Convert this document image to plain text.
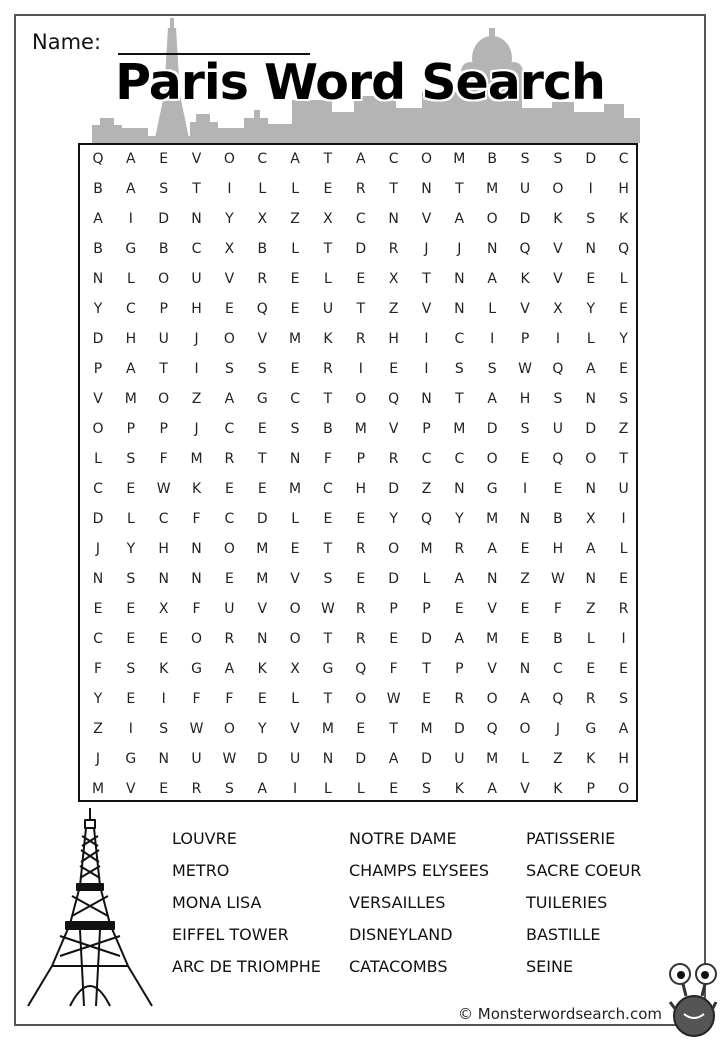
Name:
Paris Word Search
Q	A	E	V	O	C	A	T	A	C	O	M	B	S	S	D	C
B	A	S	T	I	L	L	E	R	T	N	T	M	U	O	I	H
A	I	D	N	Y	X	Z	X	C	N	V	A	O	D	K	S	K
B	G	B	C	X	B	L	T	D	R	J	J	N	Q	V	N	Q
N	L	O	U	V	R	E	L	E	X	T	N	A	K	V	E	L
Y	C	P	H	E	Q	E	U	T	Z	V	N	L	V	X	Y	E
D	H	U	J	O	V	M	K	R	H	I	C	I	P	I	L	Y
P	A	T	I	S	S	E	R	I	E	I	S	S	W	Q	A	E
V	M	O	Z	A	G	C	T	O	Q	N	T	A	H	S	N	S
O	P	P	J	C	E	S	B	M	V	P	M	D	S	U	D	Z
L	S	F	M	R	T	N	F	P	R	C	C	O	E	Q	O	T
C	E	W	K	E	E	M	C	H	D	Z	N	G	I	E	N	U
D	L	C	F	C	D	L	E	E	Y	Q	Y	M	N	B	X	I
J	Y	H	N	O	M	E	T	R	O	M	R	A	E	H	A	L
N	S	N	N	E	M	V	S	E	D	L	A	N	Z	W	N	E
E	E	X	F	U	V	O	W	R	P	P	E	V	E	F	Z	R
C	E	E	O	R	N	O	T	R	E	D	A	M	E	B	L	I
F	S	K	G	A	K	X	G	Q	F	T	P	V	N	C	E	E
Y	E	I	F	F	E	L	T	O	W	E	R	O	A	Q	R	S
Z	I	S	W	O	Y	V	M	E	T	M	D	Q	O	J	G	A
J	G	N	U	W	D	U	N	D	A	D	U	M	L	Z	K	H
M	V	E	R	S	A	I	L	L	E	S	K	A	V	K	P	O
LOUVRE
METRO
MONA LISA
EIFFEL TOWER
ARC DE TRIOMPHE
NOTRE DAME
CHAMPS ELYSEES
VERSAILLES
DISNEYLAND
CATACOMBS
PATISSERIE
SACRE COEUR
TUILERIES
BASTILLE
SEINE
© Monsterwordsearch.com
